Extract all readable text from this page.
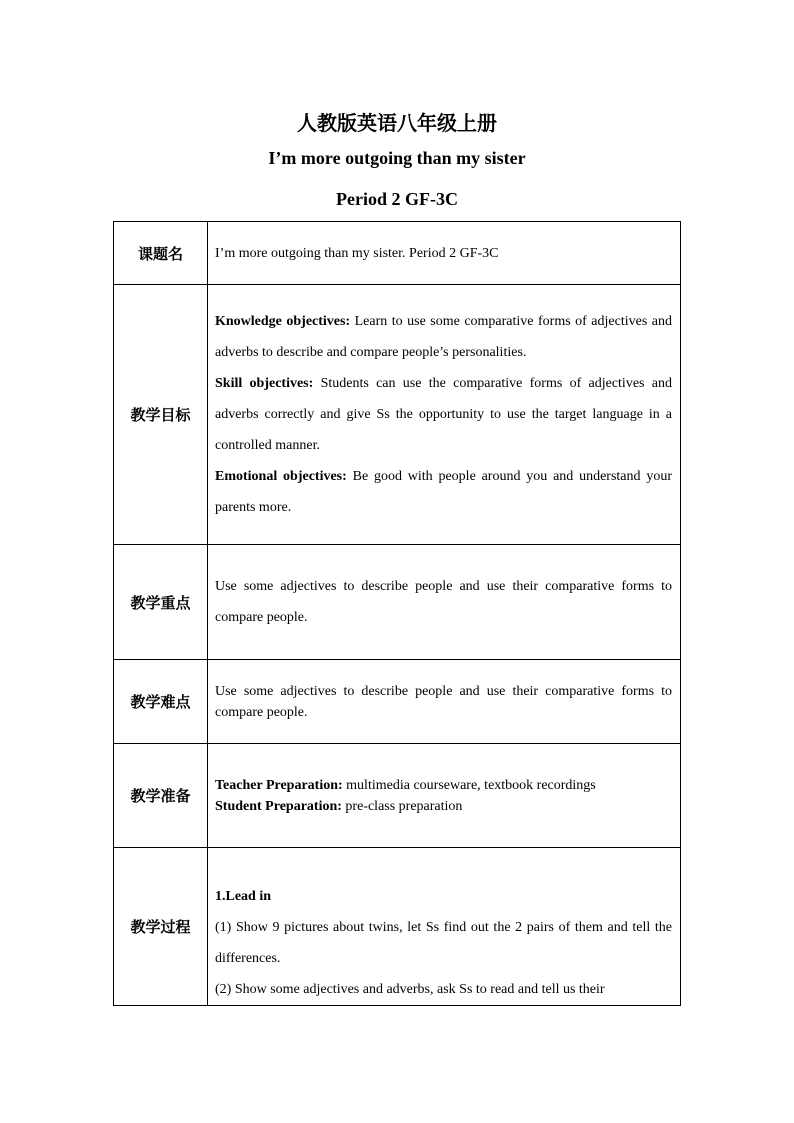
人教版英语八年级上册
I’m more outgoing than my sister
Period 2 GF-3C
课题名	I’m more outgoing than my sister. Period 2 GF-3C

教学目标	Knowledge objectives: Learn to use some comparative forms of adjectives and adverbs to describe and compare people’s personalities.

Skill objectives: Students can use the comparative forms of adjectives and adverbs correctly and give Ss the opportunity to use the target language in a controlled manner.

Emotional objectives: Be good with people around you and understand your parents more.

教学重点	Use some adjectives to describe people and use their comparative forms to compare people.

教学难点	Use some adjectives to describe people and use their comparative forms to compare people.

教学准备	Teacher Preparation: multimedia courseware, textbook recordings

Student Preparation: pre-class preparation

教学过程	1.Lead in

(1) Show 9 pictures about twins, let Ss find out the 2 pairs of them and tell the differences.

(2) Show some adjectives and adverbs, ask Ss to read and tell us their
